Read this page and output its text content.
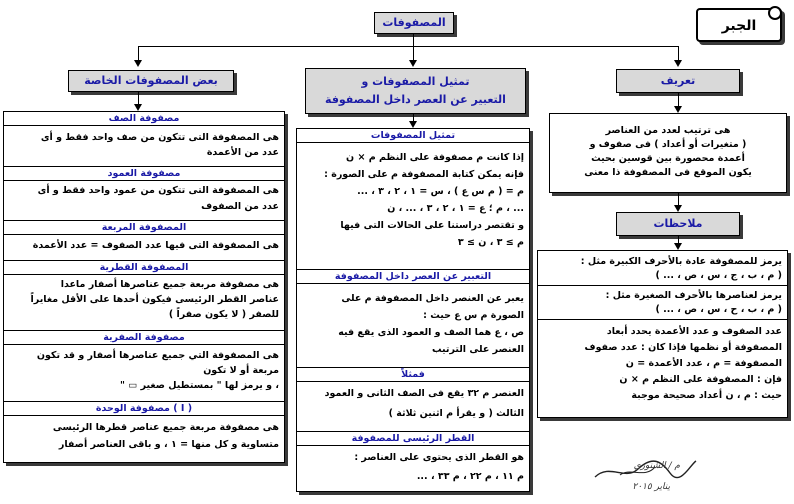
الجبر
المصفوفات
تعريف
هى ترتيب لعدد من العناصر
( متغيرات أو أعداد ) فى صفوف و
أعمدة محصورة بين قوسين بحيث
يكون الموقع فى المصفوفة ذا معنى
ملاحظات
يرمز للمصفوفة عادة بالأحرف الكبيرة مثل :
( ﻡ ، ب ، ج ، س ، ص ، ... )
يرمز لعناصرها بالأحرف الصغيرة مثل :
( ﻡ ، ب ، ح ، س ، ص ، ... )
عدد الصفوف و عدد الأعمدة يحدد أبعاد
المصفوفة أو نظمها فإذا كان : عدد صفوف
المصفوفة = م ، عدد الأعمدة = ن
فإن : المصفوفة على النظم م × ن
حيث : م ، ن أعداد صحيحة موجبة
تمثيل المصفوفات و
التعبير عن العصر داخل المصفوفة
تمثيل المصفوفات
إذا كانت ﻡ مصفوفة على النظم م × ن
فإنه يمكن كتابة المصفوفة ﻡ على الصورة :
ﻡ = ( ﻡ س ع ) ، س = ١ ، ٢ ، ٣ ، ...
... ، م ؛ ع = ١ ، ٢ ، ٣ ، ... ، ن
و تقتصر دراستنا على الحالات التى فيها
م ≥ ٣ ، ن ≥ ٣
التعبير عن العصر داخل المصفوفة
يعبر عن العنصر داخل المصفوفة ﻡ على
الصورة ﻡ س ع حيث :
ص ، ع هما الصف و العمود الذى يقع فيه
العنصر على الترتيب
فمثلاً
العنصر ﻡ ٣٢ يقع فى الصف الثانى و العمود
الثالث ( و يقرأ ﻡ اثنين ثلاثة )
القطر الرئيسى للمصفوفة
هو القطر الذى يحتوى على العناصر :
ﻡ ١١ ، ﻡ ٢٢ ، ﻡ ٣٣ ، ...
بعض المصفوفات الخاصة
مصفوفة الصف
هى المصفوفة التى تتكون من صف واحد فقط و أى
عدد من الأعمدة
مصفوفة العمود
هى المصفوفة التى تتكون من عمود واحد فقط و أى
عدد من الصفوف
المصفوفة المربعة
هى المصفوفة التى فيها عدد الصفوف = عدد الأعمدة
المصفوفة القطرية
هى مصفوفة مربعة جميع عناصرها أصفار ماعدا
عناصر القطر الرئيسى فيكون أحدها على الأقل مغايراً
للصفر ( لا يكون صفراً )
مصفوفة الصفرية
هى المصفوفة التي جميع عناصرها أصفار و قد تكون
مربعة أو لا تكون
، و يرمز لها " بمستطيل صغير ▭ "
مصفوفة الوحدة ( I )
هى مصفوفة مربعة جميع عناصر قطرها الرئيسى
متساوية و كل منها = ١ ، و باقى العناصر أصفار
م / الشنوري
يناير ٢٠١٥
